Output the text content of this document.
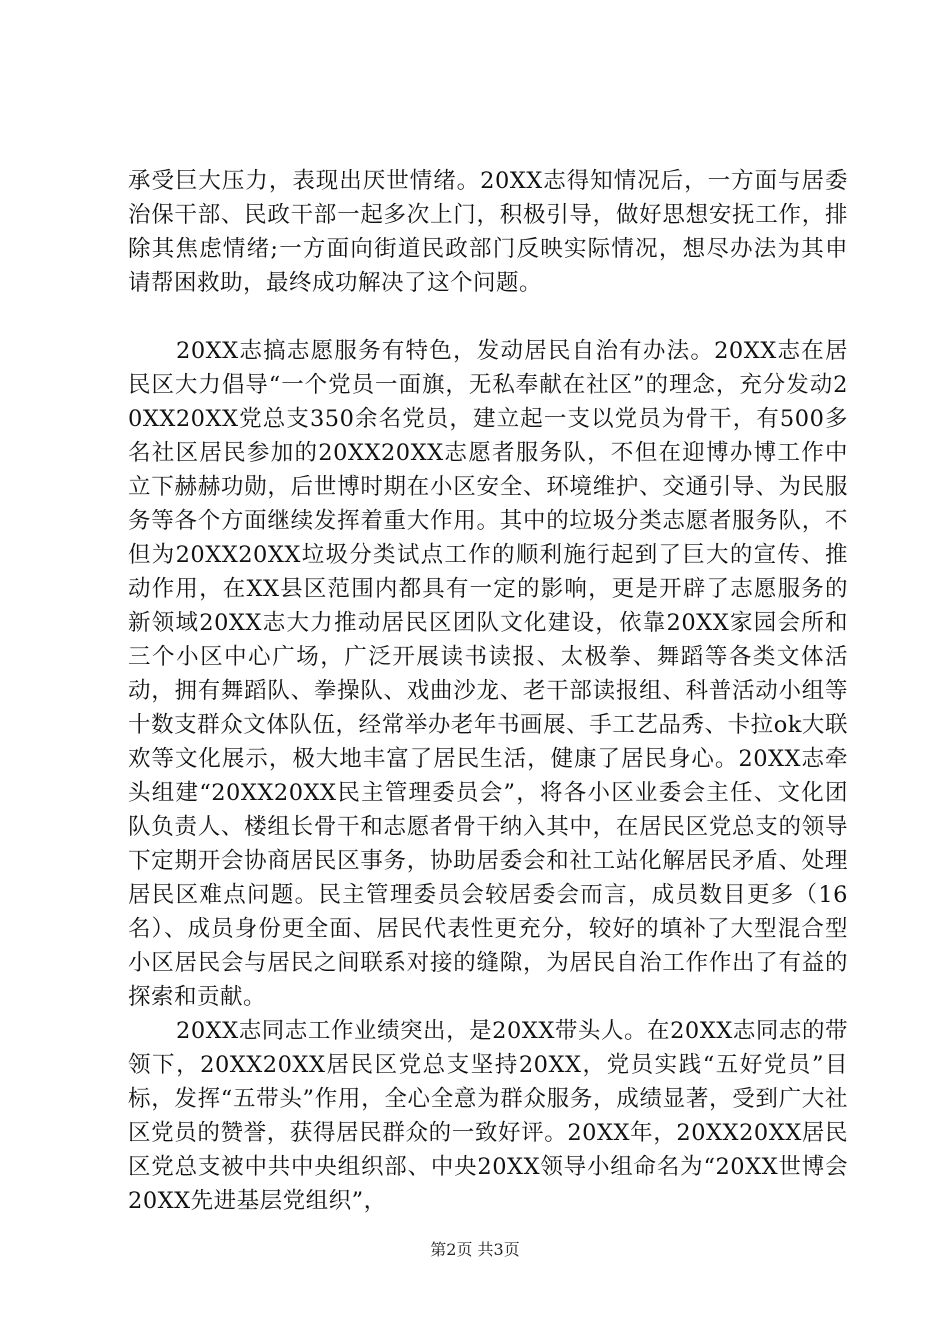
承受巨大压力，表现出厌世情绪。20XX志得知情况后，一方面与居委治保干部、民政干部一起多次上门，积极引导，做好思想安抚工作，排除其焦虑情绪;一方面向街道民政部门反映实际情况，想尽办法为其申请帮困救助，最终成功解决了这个问题。

20XX志搞志愿服务有特色，发动居民自治有办法。20XX志在居民区大力倡导“一个党员一面旗，无私奉献在社区”的理念，充分发动20XX20XX党总支350余名党员，建立起一支以党员为骨干，有500多名社区居民参加的20XX20XX志愿者服务队，不但在迎博办博工作中立下赫赫功勋，后世博时期在小区安全、环境维护、交通引导、为民服务等各个方面继续发挥着重大作用。其中的垃圾分类志愿者服务队，不但为20XX20XX垃圾分类试点工作的顺利施行起到了巨大的宣传、推动作用，在XX县区范围内都具有一定的影响，更是开辟了志愿服务的新领域20XX志大力推动居民区团队文化建设，依靠20XX家园会所和三个小区中心广场，广泛开展读书读报、太极拳、舞蹈等各类文体活动，拥有舞蹈队、拳操队、戏曲沙龙、老干部读报组、科普活动小组等十数支群众文体队伍，经常举办老年书画展、手工艺品秀、卡拉ok大联欢等文化展示，极大地丰富了居民生活，健康了居民身心。20XX志牵头组建“20XX20XX民主管理委员会”，将各小区业委会主任、文化团队负责人、楼组长骨干和志愿者骨干纳入其中，在居民区党总支的领导下定期开会协商居民区事务，协助居委会和社工站化解居民矛盾、处理居民区难点问题。民主管理委员会较居委会而言，成员数目更多（16名）、成员身份更全面、居民代表性更充分，较好的填补了大型混合型小区居民会与居民之间联系对接的缝隙，为居民自治工作作出了有益的探索和贡献。

20XX志同志工作业绩突出，是20XX带头人。在20XX志同志的带领下，20XX20XX居民区党总支坚持20XX，党员实践“五好党员”目标，发挥“五带头”作用，全心全意为群众服务，成绩显著，受到广大社区党员的赞誉，获得居民群众的一致好评。20XX年，20XX20XX居民区党总支被中共中央组织部、中央20XX领导小组命名为“20XX世博会20XX先进基层党组织”，

第2页 共3页
